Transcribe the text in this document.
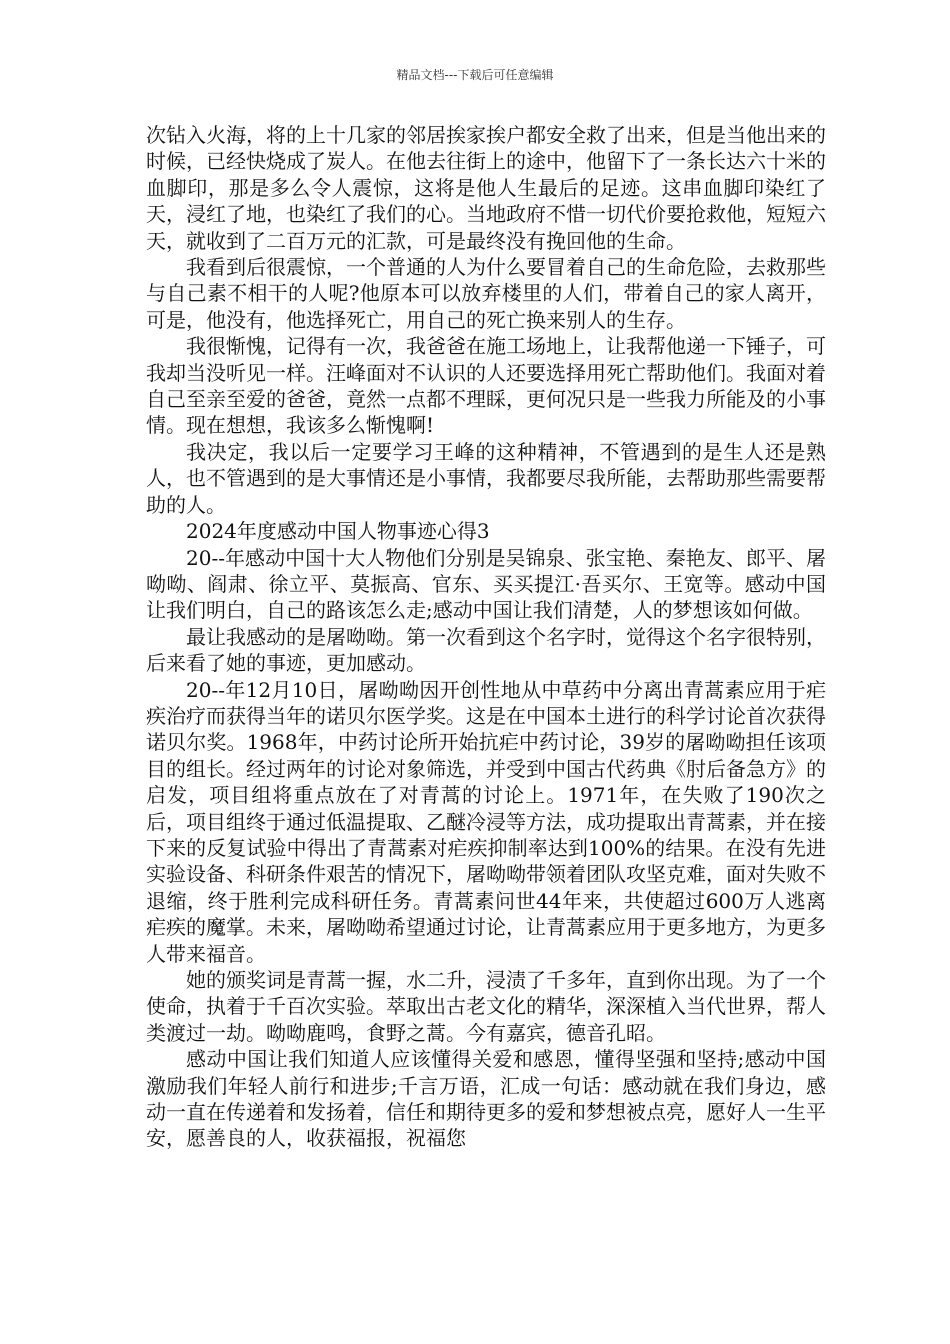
精品文档---下载后可任意编辑

次钻入火海，将的上十几家的邻居挨家挨户都安全救了出来，但是当他出来的时候，已经快烧成了炭人。在他去往街上的途中，他留下了一条长达六十米的血脚印，那是多么令人震惊，这将是他人生最后的足迹。这串血脚印染红了天，浸红了地，也染红了我们的心。当地政府不惜一切代价要抢救他，短短六天，就收到了二百万元的汇款，可是最终没有挽回他的生命。

我看到后很震惊，一个普通的人为什么要冒着自己的生命危险，去救那些与自己素不相干的人呢?他原本可以放弃楼里的人们，带着自己的家人离开，可是，他没有，他选择死亡，用自己的死亡换来别人的生存。

我很惭愧，记得有一次，我爸爸在施工场地上，让我帮他递一下锤子，可我却当没听见一样。汪峰面对不认识的人还要选择用死亡帮助他们。我面对着自己至亲至爱的爸爸，竟然一点都不理睬，更何况只是一些我力所能及的小事情。现在想想，我该多么惭愧啊!

我决定，我以后一定要学习王峰的这种精神，不管遇到的是生人还是熟人，也不管遇到的是大事情还是小事情，我都要尽我所能，去帮助那些需要帮助的人。

2024年度感动中国人物事迹心得3

20--年感动中国十大人物他们分别是吴锦泉、张宝艳、秦艳友、郎平、屠呦呦、阎肃、徐立平、莫振高、官东、买买提江·吾买尔、王宽等。感动中国让我们明白，自己的路该怎么走;感动中国让我们清楚，人的梦想该如何做。

最让我感动的是屠呦呦。第一次看到这个名字时，觉得这个名字很特别，后来看了她的事迹，更加感动。

20--年12月10日，屠呦呦因开创性地从中草药中分离出青蒿素应用于疟疾治疗而获得当年的诺贝尔医学奖。这是在中国本土进行的科学讨论首次获得诺贝尔奖。1968年，中药讨论所开始抗疟中药讨论，39岁的屠呦呦担任该项目的组长。经过两年的讨论对象筛选，并受到中国古代药典《肘后备急方》的启发，项目组将重点放在了对青蒿的讨论上。1971年，在失败了190次之后，项目组终于通过低温提取、乙醚冷浸等方法，成功提取出青蒿素，并在接下来的反复试验中得出了青蒿素对疟疾抑制率达到100%的结果。在没有先进实验设备、科研条件艰苦的情况下，屠呦呦带领着团队攻坚克难，面对失败不退缩，终于胜利完成科研任务。青蒿素问世44年来，共使超过600万人逃离疟疾的魔掌。未来，屠呦呦希望通过讨论，让青蒿素应用于更多地方，为更多人带来福音。

她的颁奖词是青蒿一握，水二升，浸渍了千多年，直到你出现。为了一个使命，执着于千百次实验。萃取出古老文化的精华，深深植入当代世界，帮人类渡过一劫。呦呦鹿鸣，食野之蒿。今有嘉宾，德音孔昭。

感动中国让我们知道人应该懂得关爱和感恩，懂得坚强和坚持;感动中国激励我们年轻人前行和进步;千言万语，汇成一句话：感动就在我们身边，感动一直在传递着和发扬着，信任和期待更多的爱和梦想被点亮，愿好人一生平安，愿善良的人，收获福报，祝福您
